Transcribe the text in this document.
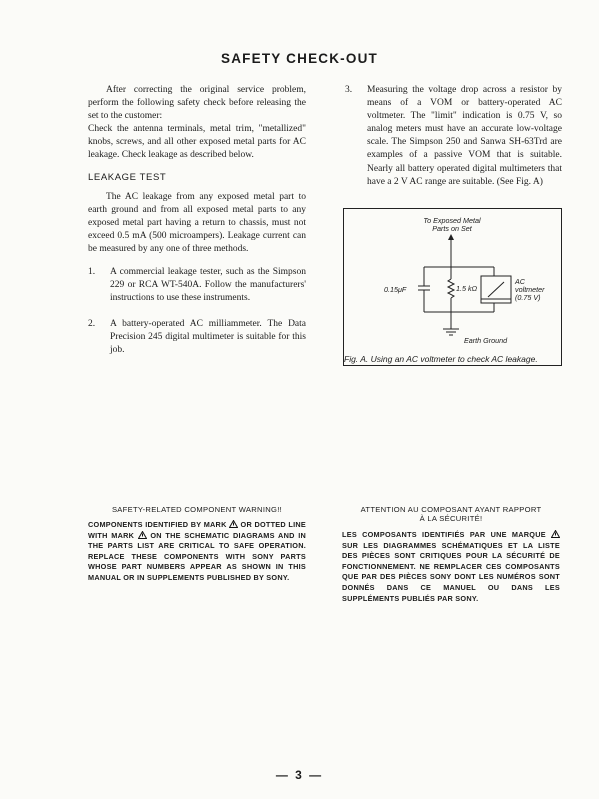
SAFETY CHECK-OUT
After correcting the original service problem, perform the following safety check before releasing the set to the customer:
Check the antenna terminals, metal trim, "metallized" knobs, screws, and all other exposed metal parts for AC leakage. Check leakage as described below.
LEAKAGE TEST
The AC leakage from any exposed metal part to earth ground and from all exposed metal parts to any exposed metal part having a return to chassis, must not exceed 0.5 mA (500 microampers). Leakage current can be measured by any one of three methods.
1.	A commercial leakage tester, such as the Simpson 229 or RCA WT-540A. Follow the manufacturers' instructions to use these instruments.
2.	A battery-operated AC milliammeter. The Data Precision 245 digital multimeter is suitable for this job.
3.	Measuring the voltage drop across a resistor by means of a VOM or battery-operated AC voltmeter. The "limit" indication is 0.75 V, so analog meters must have an accurate low-voltage scale. The Simpson 250 and Sanwa SH-63Trd are examples of a passive VOM that is suitable. Nearly all battery operated digital multimeters that have a 2 V AC range are suitable. (See Fig. A)
To Exposed Metal
Parts on Set
0.15μF	1.5 kΩ
AC
voltmeter
(0.75 V)
Earth Ground
Fig. A. Using an AC voltmeter to check AC leakage.
SAFETY-RELATED COMPONENT WARNING!!
COMPONENTS IDENTIFIED BY MARK OR DOTTED LINE WITH MARK ON THE SCHEMATIC DIAGRAMS AND IN THE PARTS LIST ARE CRITICAL TO SAFE OPERATION. REPLACE THESE COMPONENTS WITH SONY PARTS WHOSE PART NUMBERS APPEAR AS SHOWN IN THIS MANUAL OR IN SUPPLEMENTS PUBLISHED BY SONY.
ATTENTION AU COMPOSANT AYANT RAPPORT
À LA SÉCURITÉ!
LES COMPOSANTS IDENTIFIÉS PAR UNE MARQUE  SUR LES DIAGRAMMES SCHÉMATIQUES ET LA LISTE DES PIÈCES SONT CRITIQUES POUR LA SÉCURITÉ DE FONCTIONNEMENT. NE REMPLACER CES COMPOSANTS QUE PAR DES PIÈCES SONY DONT LES NUMÉROS SONT DONNÉS DANS CE MANUEL OU DANS LES SUPPLÉMENTS PUBLIÉS PAR SONY.
— 3 —
